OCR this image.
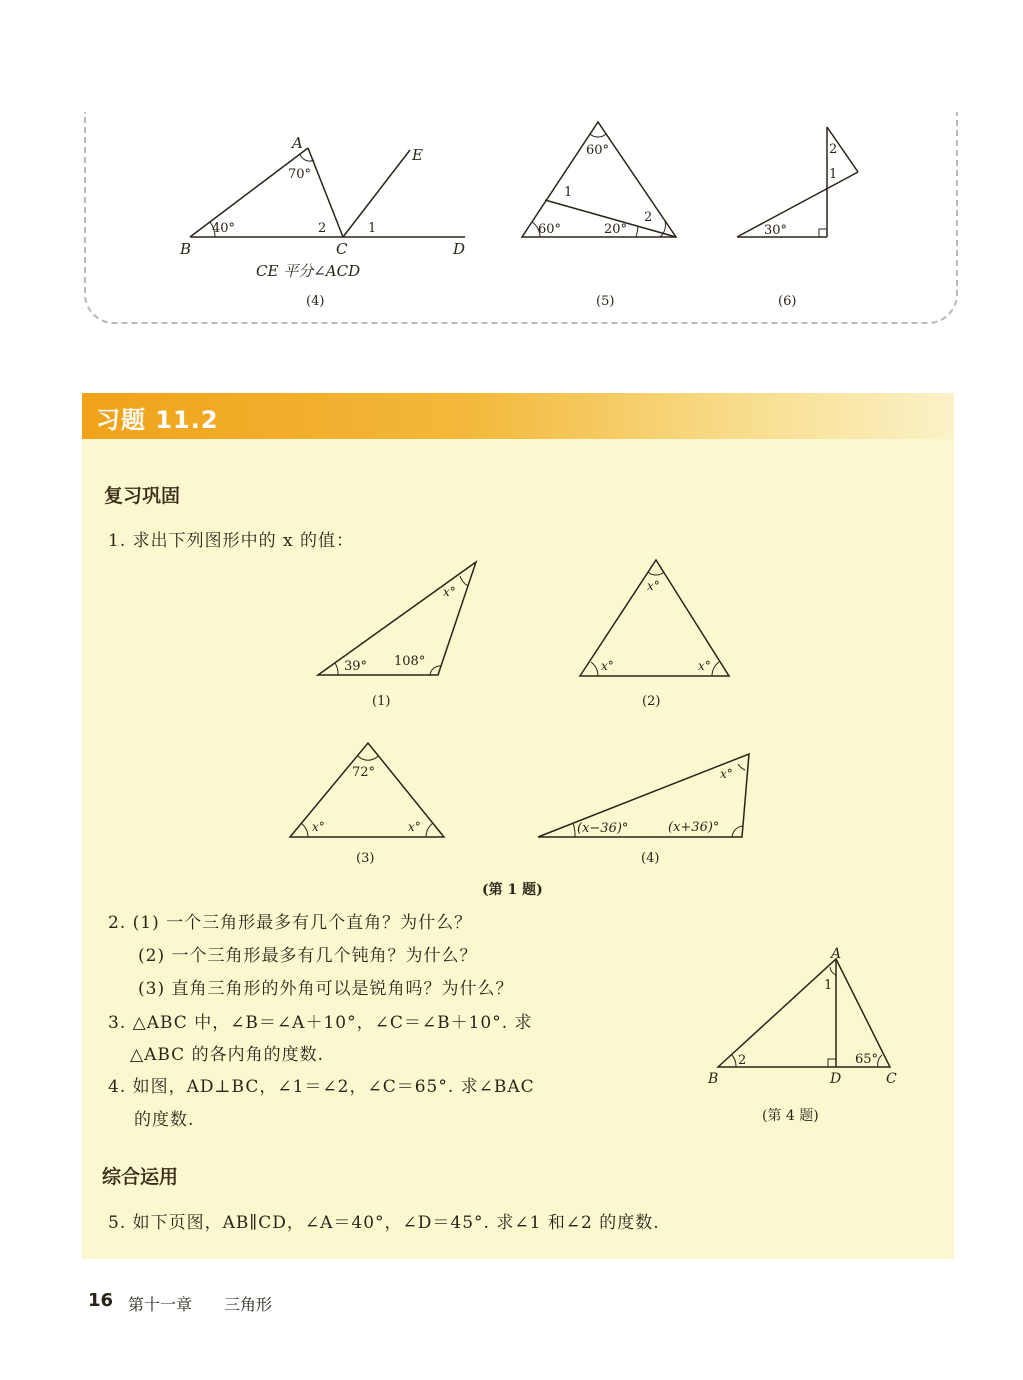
A
B	C	D
E
70°
40°	2	1
CE 平分∠ACD
(4)
60°
60°	20°
1
2
(5)
2
1
30°
(6)
习题 11.2
复习巩固
1. 求出下列图形中的 x 的值：
x°
39° 108°
(1)
x°
x°	x°
(2)
72°
x°	x°
(3)
x°
(x−36)°	(x+36)°
(4)
(第 1 题)
2. (1) 一个三角形最多有几个直角？为什么？
(2) 一个三角形最多有几个钝角？为什么？
(3) 直角三角形的外角可以是锐角吗？为什么？
3. △ABC 中，∠B＝∠A＋10°，∠C＝∠B＋10°. 求
△ABC 的各内角的度数.
4. 如图，AD⊥BC，∠1＝∠2，∠C＝65°. 求∠BAC
的度数.
A
B	C
D
1
2	65°
(第 4 题)
综合运用
5. 如下页图，AB∥CD，∠A＝40°，∠D＝45°. 求∠1 和∠2 的度数.
16 第十一章 三角形
